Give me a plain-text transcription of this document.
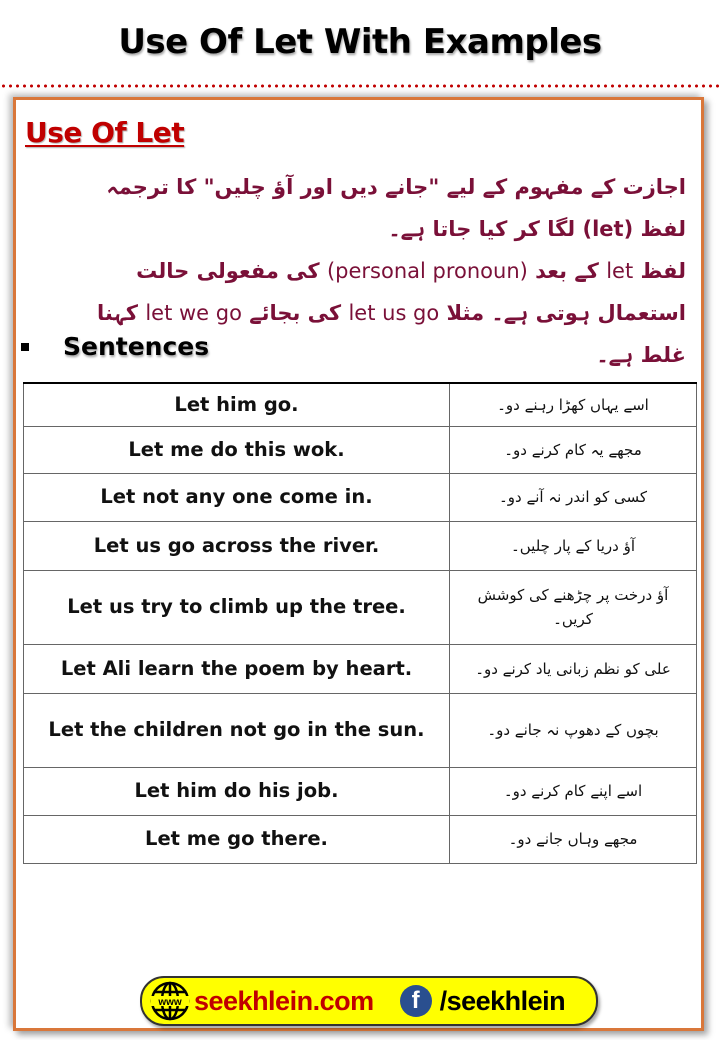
Use Of Let With Examples
Use Of Let
اجازت کے مفہوم کے لیے "جانے دیں اور آؤ چلیں" کا ترجمہ لفظ (let) لگا کر کیا جاتا ہے۔
لفظ let کے بعد (personal pronoun) کی مفعولی حالت استعمال ہوتی ہے۔ مثلا let us go کی بجائے let we go کہنا غلط ہے۔
Sentences
Let him go.	اسے یہاں کھڑا رہنے دو۔
Let me do this wok.	مجھے یہ کام کرنے دو۔
Let not any one come in.	کسی کو اندر نہ آنے دو۔
Let us go across the river.	آؤ دریا کے پار چلیں۔
Let us try to climb up the tree.	آؤ درخت پر چڑھنے کی کوشش کریں۔
Let Ali learn the poem by heart.	علی کو نظم زبانی یاد کرنے دو۔
Let the children not go in the sun.	بچوں کے دھوپ نہ جانے دو۔
Let him do his job.	اسے اپنے کام کرنے دو۔
Let me go there.	مجھے وہاں جانے دو۔
www seekhlein.com	f /seekhlein
